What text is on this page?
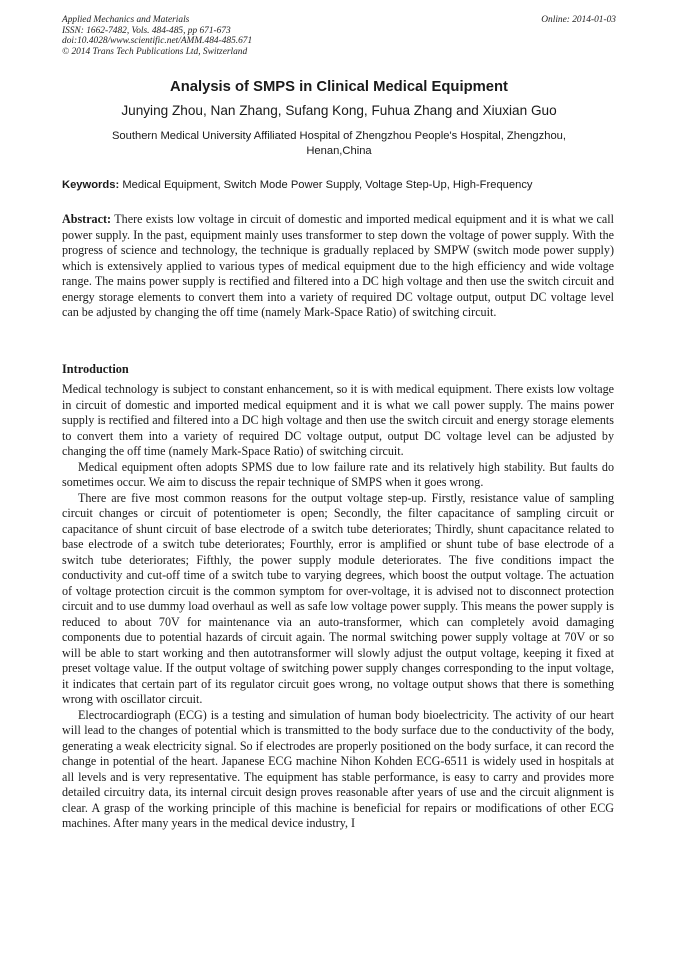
Applied Mechanics and Materials
ISSN: 1662-7482, Vols. 484-485, pp 671-673
doi:10.4028/www.scientific.net/AMM.484-485.671
© 2014 Trans Tech Publications Ltd, Switzerland
Online: 2014-01-03
Analysis of SMPS in Clinical Medical Equipment
Junying Zhou, Nan Zhang, Sufang Kong, Fuhua Zhang and Xiuxian Guo
Southern Medical University Affiliated Hospital of Zhengzhou People's Hospital, Zhengzhou, Henan,China
Keywords: Medical Equipment, Switch Mode Power Supply, Voltage Step-Up, High-Frequency
Abstract: There exists low voltage in circuit of domestic and imported medical equipment and it is what we call power supply. In the past, equipment mainly uses transformer to step down the voltage of power supply. With the progress of science and technology, the technique is gradually replaced by SMPW (switch mode power supply) which is extensively applied to various types of medical equipment due to the high efficiency and wide voltage range. The mains power supply is rectified and filtered into a DC high voltage and then use the switch circuit and energy storage elements to convert them into a variety of required DC voltage output, output DC voltage level can be adjusted by changing the off time (namely Mark-Space Ratio) of switching circuit.
Introduction

Medical technology is subject to constant enhancement, so it is with medical equipment. There exists low voltage in circuit of domestic and imported medical equipment and it is what we call power supply. The mains power supply is rectified and filtered into a DC high voltage and then use the switch circuit and energy storage elements to convert them into a variety of required DC voltage output, output DC voltage level can be adjusted by changing the off time (namely Mark-Space Ratio) of switching circuit.

Medical equipment often adopts SPMS due to low failure rate and its relatively high stability. But faults do sometimes occur. We aim to discuss the repair technique of SMPS when it goes wrong.

There are five most common reasons for the output voltage step-up. Firstly, resistance value of sampling circuit changes or circuit of potentiometer is open; Secondly, the filter capacitance of sampling circuit or capacitance of shunt circuit of base electrode of a switch tube deteriorates; Thirdly, shunt capacitance related to base electrode of a switch tube deteriorates; Fourthly, error is amplified or shunt tube of base electrode of a switch tube deteriorates; Fifthly, the power supply module deteriorates. The five conditions impact the conductivity and cut-off time of a switch tube to varying degrees, which boost the output voltage. The actuation of voltage protection circuit is the common symptom for over-voltage, it is advised not to disconnect protection circuit and to use dummy load overhaul as well as safe low voltage power supply. This means the power supply is reduced to about 70V for maintenance via an auto-transformer, which can completely avoid damaging components due to potential hazards of circuit again. The normal switching power supply voltage at 70V or so will be able to start working and then autotransformer will slowly adjust the output voltage, keeping it fixed at preset voltage value. If the output voltage of switching power supply changes corresponding to the input voltage, it indicates that certain part of its regulator circuit goes wrong, no voltage output shows that there is something wrong with oscillator circuit.

Electrocardiograph (ECG) is a testing and simulation of human body bioelectricity. The activity of our heart will lead to the changes of potential which is transmitted to the body surface due to the conductivity of the body, generating a weak electricity signal. So if electrodes are properly positioned on the body surface, it can record the change in potential of the heart. Japanese ECG machine Nihon Kohden ECG-6511 is widely used in hospitals at all levels and is very representative. The equipment has stable performance, is easy to carry and provides more detailed circuitry data, its internal circuit design proves reasonable after years of use and the circuit alignment is clear. A grasp of the working principle of this machine is beneficial for repairs or modifications of other ECG machines. After many years in the medical device industry, I
